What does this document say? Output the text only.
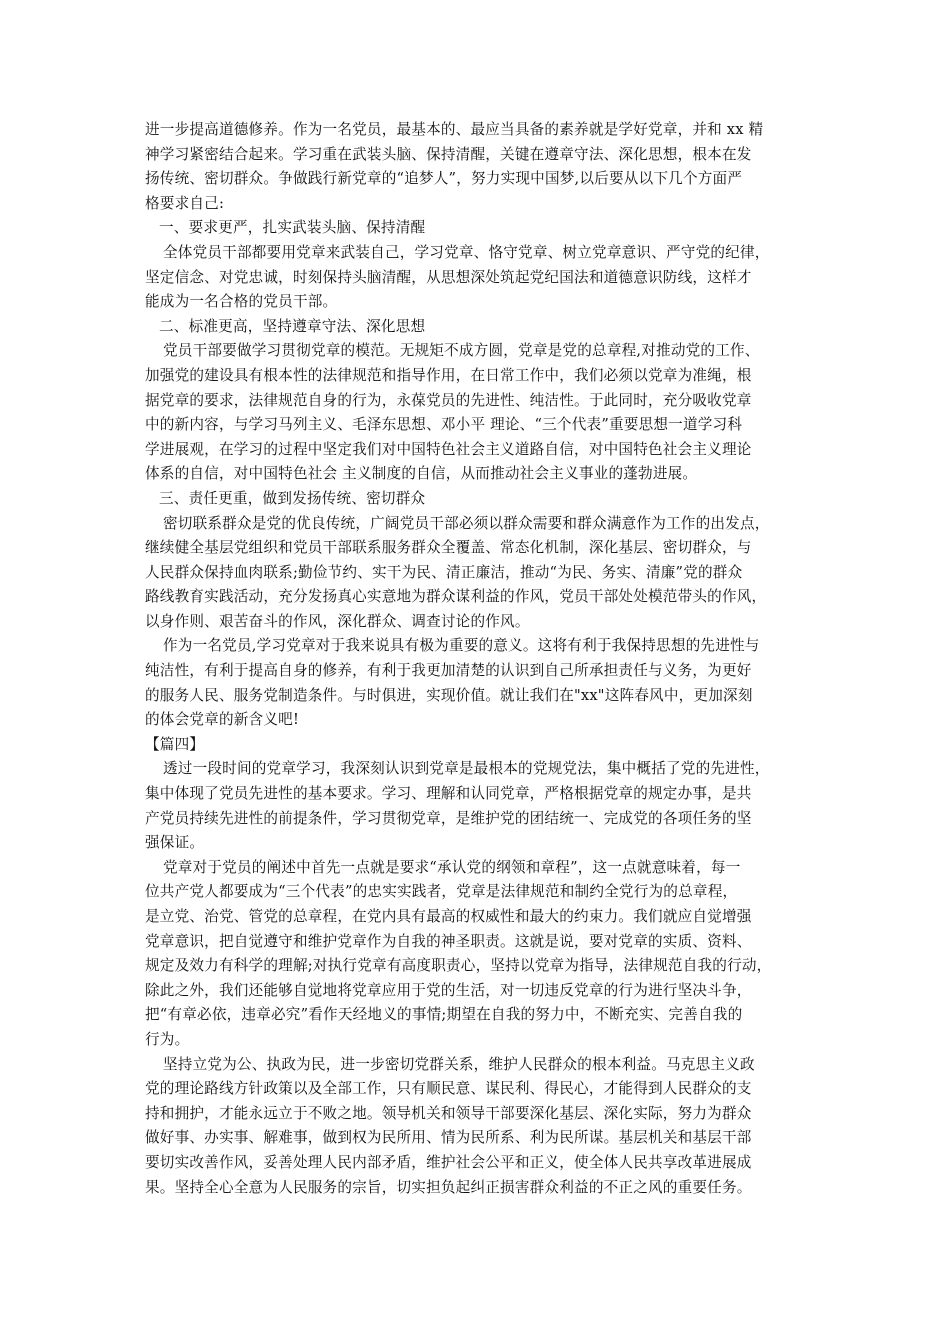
进一步提高道德修养。作为一名党员，最基本的、最应当具备的素养就是学好党章，并和 xx 精
神学习紧密结合起来。学习重在武装头脑、保持清醒，关键在遵章守法、深化思想，根本在发
扬传统、密切群众。争做践行新党章的“追梦人”，努力实现中国梦,以后要从以下几个方面严
格要求自己:
一、要求更严，扎实武装头脑、保持清醒
全体党员干部都要用党章来武装自己，学习党章、恪守党章、树立党章意识、严守党的纪律，
坚定信念、对党忠诚，时刻保持头脑清醒，从思想深处筑起党纪国法和道德意识防线，这样才
能成为一名合格的党员干部。
二、标准更高，坚持遵章守法、深化思想
党员干部要做学习贯彻党章的模范。无规矩不成方圆，党章是党的总章程,对推动党的工作、
加强党的建设具有根本性的法律规范和指导作用，在日常工作中，我们必须以党章为准绳，根
据党章的要求，法律规范自身的行为，永葆党员的先进性、纯洁性。于此同时，充分吸收党章
中的新内容，与学习马列主义、毛泽东思想、邓小平 理论、“三个代表”重要思想一道学习科
学进展观，在学习的过程中坚定我们对中国特色社会主义道路自信，对中国特色社会主义理论
体系的自信，对中国特色社会 主义制度的自信，从而推动社会主义事业的蓬勃进展。
三、责任更重，做到发扬传统、密切群众
密切联系群众是党的优良传统，广阔党员干部必须以群众需要和群众满意作为工作的出发点，
继续健全基层党组织和党员干部联系服务群众全覆盖、常态化机制，深化基层、密切群众，与
人民群众保持血肉联系;勤俭节约、实干为民、清正廉洁，推动“为民、务实、清廉”党的群众
路线教育实践活动，充分发扬真心实意地为群众谋利益的作风，党员干部处处模范带头的作风，
以身作则、艰苦奋斗的作风，深化群众、调查讨论的作风。
作为一名党员,学习党章对于我来说具有极为重要的意义。这将有利于我保持思想的先进性与
纯洁性，有利于提高自身的修养，有利于我更加清楚的认识到自己所承担责任与义务，为更好
的服务人民、服务党制造条件。与时俱进，实现价值。就让我们在"xx"这阵春风中，更加深刻
的体会党章的新含义吧!
【篇四】
透过一段时间的党章学习，我深刻认识到党章是最根本的党规党法，集中概括了党的先进性，
集中体现了党员先进性的基本要求。学习、理解和认同党章，严格根据党章的规定办事，是共
产党员持续先进性的前提条件，学习贯彻党章，是维护党的团结统一、完成党的各项任务的坚
强保证。
党章对于党员的阐述中首先一点就是要求“承认党的纲领和章程”，这一点就意味着，每一
位共产党人都要成为“三个代表”的忠实实践者，党章是法律规范和制约全党行为的总章程，
是立党、治党、管党的总章程，在党内具有最高的权威性和最大的约束力。我们就应自觉增强
党章意识，把自觉遵守和维护党章作为自我的神圣职责。这就是说，要对党章的实质、资料、
规定及效力有科学的理解;对执行党章有高度职责心，坚持以党章为指导，法律规范自我的行动，
除此之外，我们还能够自觉地将党章应用于党的生活，对一切违反党章的行为进行坚决斗争，
把“有章必依，违章必究”看作天经地义的事情;期望在自我的努力中，不断充实、完善自我的
行为。
坚持立党为公、执政为民，进一步密切党群关系，维护人民群众的根本利益。马克思主义政
党的理论路线方针政策以及全部工作，只有顺民意、谋民利、得民心，才能得到人民群众的支
持和拥护，才能永远立于不败之地。领导机关和领导干部要深化基层、深化实际，努力为群众
做好事、办实事、解难事，做到权为民所用、情为民所系、利为民所谋。基层机关和基层干部
要切实改善作风，妥善处理人民内部矛盾，维护社会公平和正义，使全体人民共享改革进展成
果。坚持全心全意为人民服务的宗旨，切实担负起纠正损害群众利益的不正之风的重要任务。
